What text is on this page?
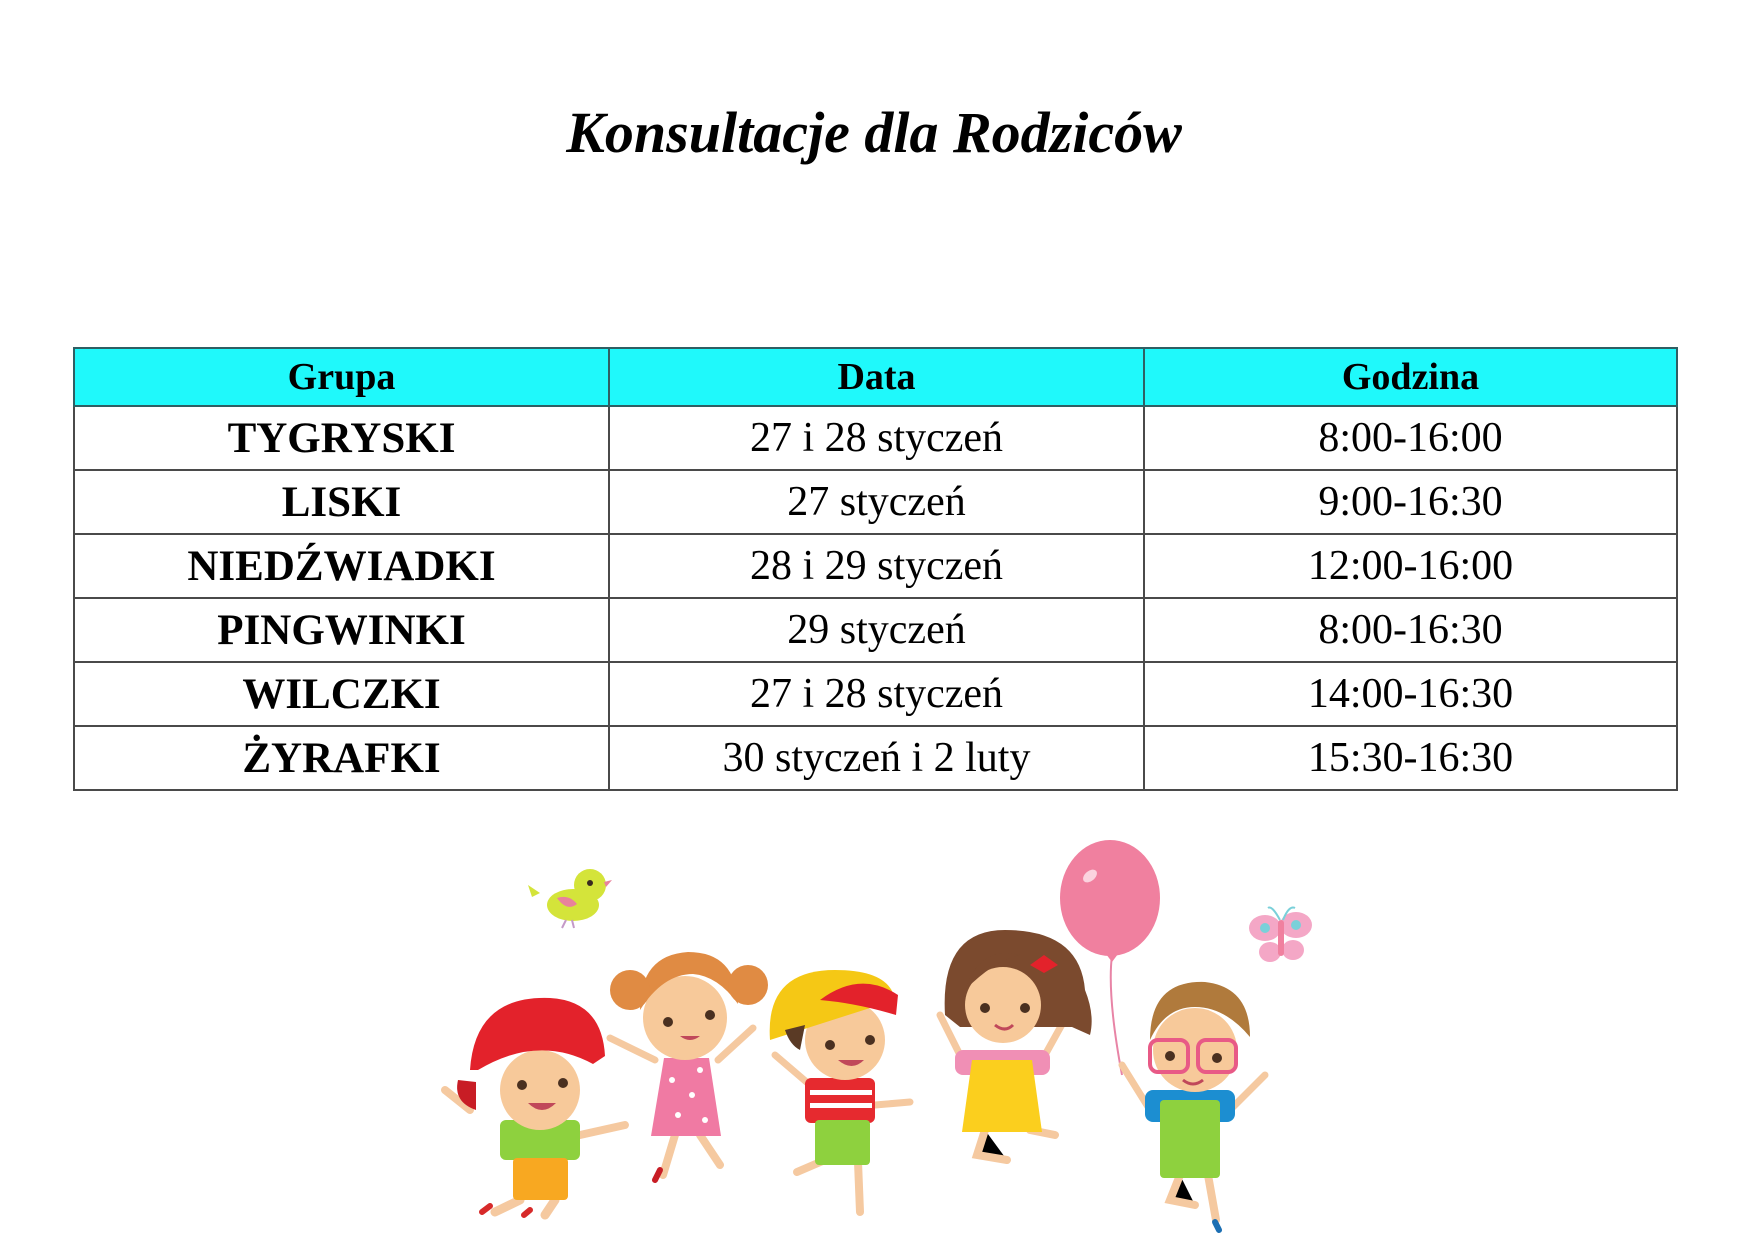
Konsultacje dla Rodziców
Grupa	Data	Godzina
TYGRYSKI	27 i 28 styczeń	8:00-16:00
LISKI	27 styczeń	9:00-16:30
NIEDŹWIADKI	28 i 29 styczeń	12:00-16:00
PINGWINKI	29 styczeń	8:00-16:30
WILCZKI	27 i 28 styczeń	14:00-16:30
ŻYRAFKI	30 styczeń i 2 luty	15:30-16:30
